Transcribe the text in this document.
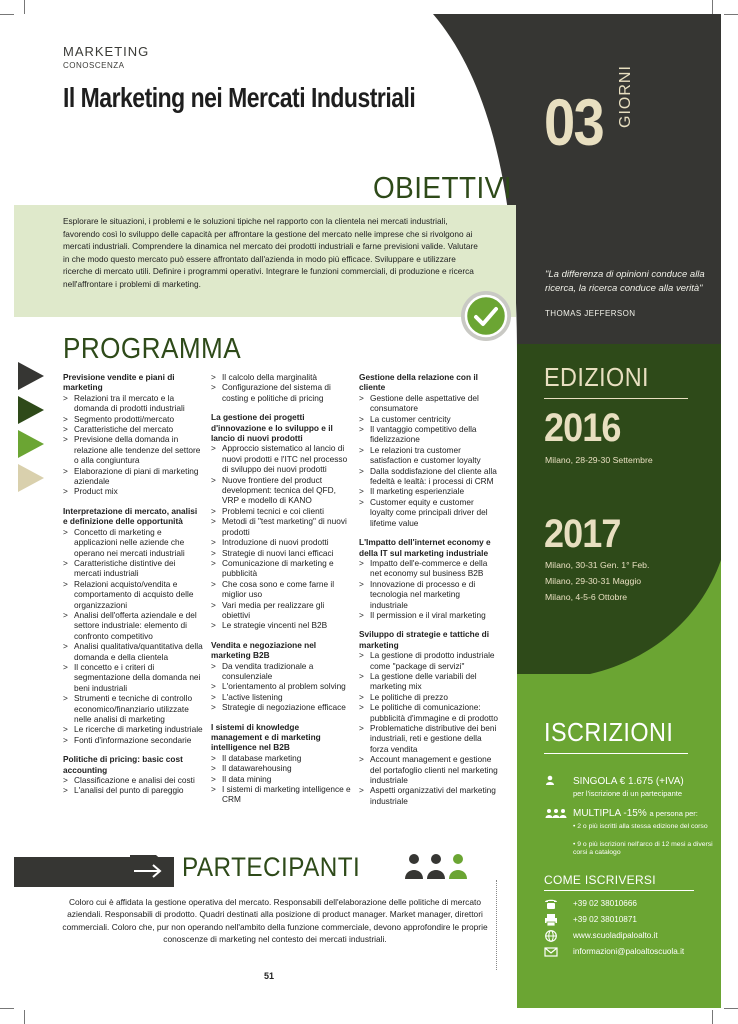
MARKETING
CONOSCENZA
Il Marketing nei Mercati Industriali 03 GIORNI
OBIETTIVI
Esplorare le situazioni, i problemi e le soluzioni tipiche nel rapporto con la clientela nei mercati industriali, favorendo così lo sviluppo delle capacità per affrontare la gestione del mercato nelle imprese che si rivolgono ai mercati industriali. Comprendere la dinamica nel mercato dei prodotti industriali e farne previsioni valide. Valutare in che modo questo mercato può essere affrontato dall'azienda in modo più efficace. Sviluppare e utilizzare ricerche di mercato utili. Definire i programmi operativi. Integrare le funzioni commerciali, di produzione e ricerca nell'affrontare i problemi di marketing.
"La differenza di opinioni conduce alla ricerca, la ricerca conduce alla verità"
THOMAS JEFFERSON
PROGRAMMA
Previsione vendite e piani di marketing
> Relazioni tra il mercato e la domanda di prodotti industriali
> Segmento prodotti/mercato
> Caratteristiche del mercato
> Previsione della domanda in relazione alle tendenze del settore o alla congiuntura
> Elaborazione di piani di marketing aziendale
> Product mix
Interpretazione di mercato, analisi e definizione delle opportunità
> Concetto di marketing e applicazioni nelle aziende che operano nei mercati industriali
> Caratteristiche distintive dei mercati industriali
> Relazioni acquisto/vendita e comportamento di acquisto delle organizzazioni
> Analisi dell'offerta aziendale e del settore industriale: elemento di confronto competitivo
> Analisi qualitativa/quantitativa della domanda e della clientela
> Il concetto e i criteri di segmentazione della domanda nei beni industriali
> Strumenti e tecniche di controllo economico/finanziario utilizzate nelle analisi di marketing
> Le ricerche di marketing industriale
> Fonti d'informazione secondarie
Politiche di pricing: basic cost accounting
> Classificazione e analisi dei costi
> L'analisi del punto di pareggio
> Il calcolo della marginalità
> Configurazione del sistema di costing e politiche di pricing
La gestione dei progetti d'innovazione e lo sviluppo e il lancio di nuovi prodotti
> Approccio sistematico al lancio di nuovi prodotti e l'ITC nel processo di sviluppo dei nuovi prodotti
> Nuove frontiere del product development: tecnica del QFD, VRP e modello di KANO
> Problemi tecnici e coi clienti
> Metodi di "test marketing" di nuovi prodotti
> Introduzione di nuovi prodotti
> Strategie di nuovi lanci efficaci
> Comunicazione di marketing e pubblicità
> Che cosa sono e come farne il miglior uso
> Vari media per realizzare gli obiettivi
> Le strategie vincenti nel B2B
Vendita e negoziazione nel marketing B2B
> Da vendita tradizionale a consulenziale
> L'orientamento al problem solving
> L'active listening
> Strategie di negoziazione efficace
I sistemi di knowledge management e di marketing intelligence nel B2B
> Il database marketing
> Il datawarehousing
> Il data mining
> I sistemi di marketing intelligence e CRM
Gestione della relazione con il cliente
> Gestione delle aspettative del consumatore
> La customer centricity
> Il vantaggio competitivo della fidelizzazione
> Le relazioni tra customer satisfaction e customer loyalty
> Dalla soddisfazione del cliente alla fedeltà e lealtà: i processi di CRM
> Il marketing esperienziale
> Customer equity e customer loyalty come principali driver del lifetime value
L'Impatto dell'internet economy e della IT sul marketing industriale
> Impatto dell'e-commerce e della net economy sul business B2B
> Innovazione di processo e di tecnologia nel marketing industriale
> Il permission e il viral marketing
Sviluppo di strategie e tattiche di marketing
> La gestione di prodotto industriale come "package di servizi"
> La gestione delle variabili del marketing mix
> Le politiche di prezzo
> Le politiche di comunicazione: pubblicità d'immagine e di prodotto
> Problematiche distributive dei beni industriali, reti e gestione della forza vendita
> Account management e gestione del portafoglio clienti nel marketing industriale
> Aspetti organizzativi del marketing industriale
EDIZIONI
2016
Milano, 28-29-30 Settembre
2017
Milano, 30-31 Gen. 1° Feb.
Milano, 29-30-31 Maggio
Milano, 4-5-6 Ottobre
ISCRIZIONI
SINGOLA € 1.675 (+IVA)
per l'iscrizione di un partecipante
MULTIPLA -15% a persona per:
• 2 o più iscritti alla stessa edizione del corso
• 9 o più iscrizioni nell'arco di 12 mesi a diversi corsi a catalogo
COME ISCRIVERSI
+39 02 38010666
+39 02 38010871
www.scuoladipaloalto.it
informazioni@paloaltoscuola.it
PARTECIPANTI
Coloro cui è affidata la gestione operativa del mercato. Responsabili dell'elaborazione delle politiche di mercato aziendali. Responsabili di prodotto. Quadri destinati alla posizione di product manager. Market manager, direttori commerciali. Coloro che, pur non operando nell'ambito della funzione commerciale, devono approfondire le proprie conoscenze di marketing nel contesto dei mercati industriali.
51
